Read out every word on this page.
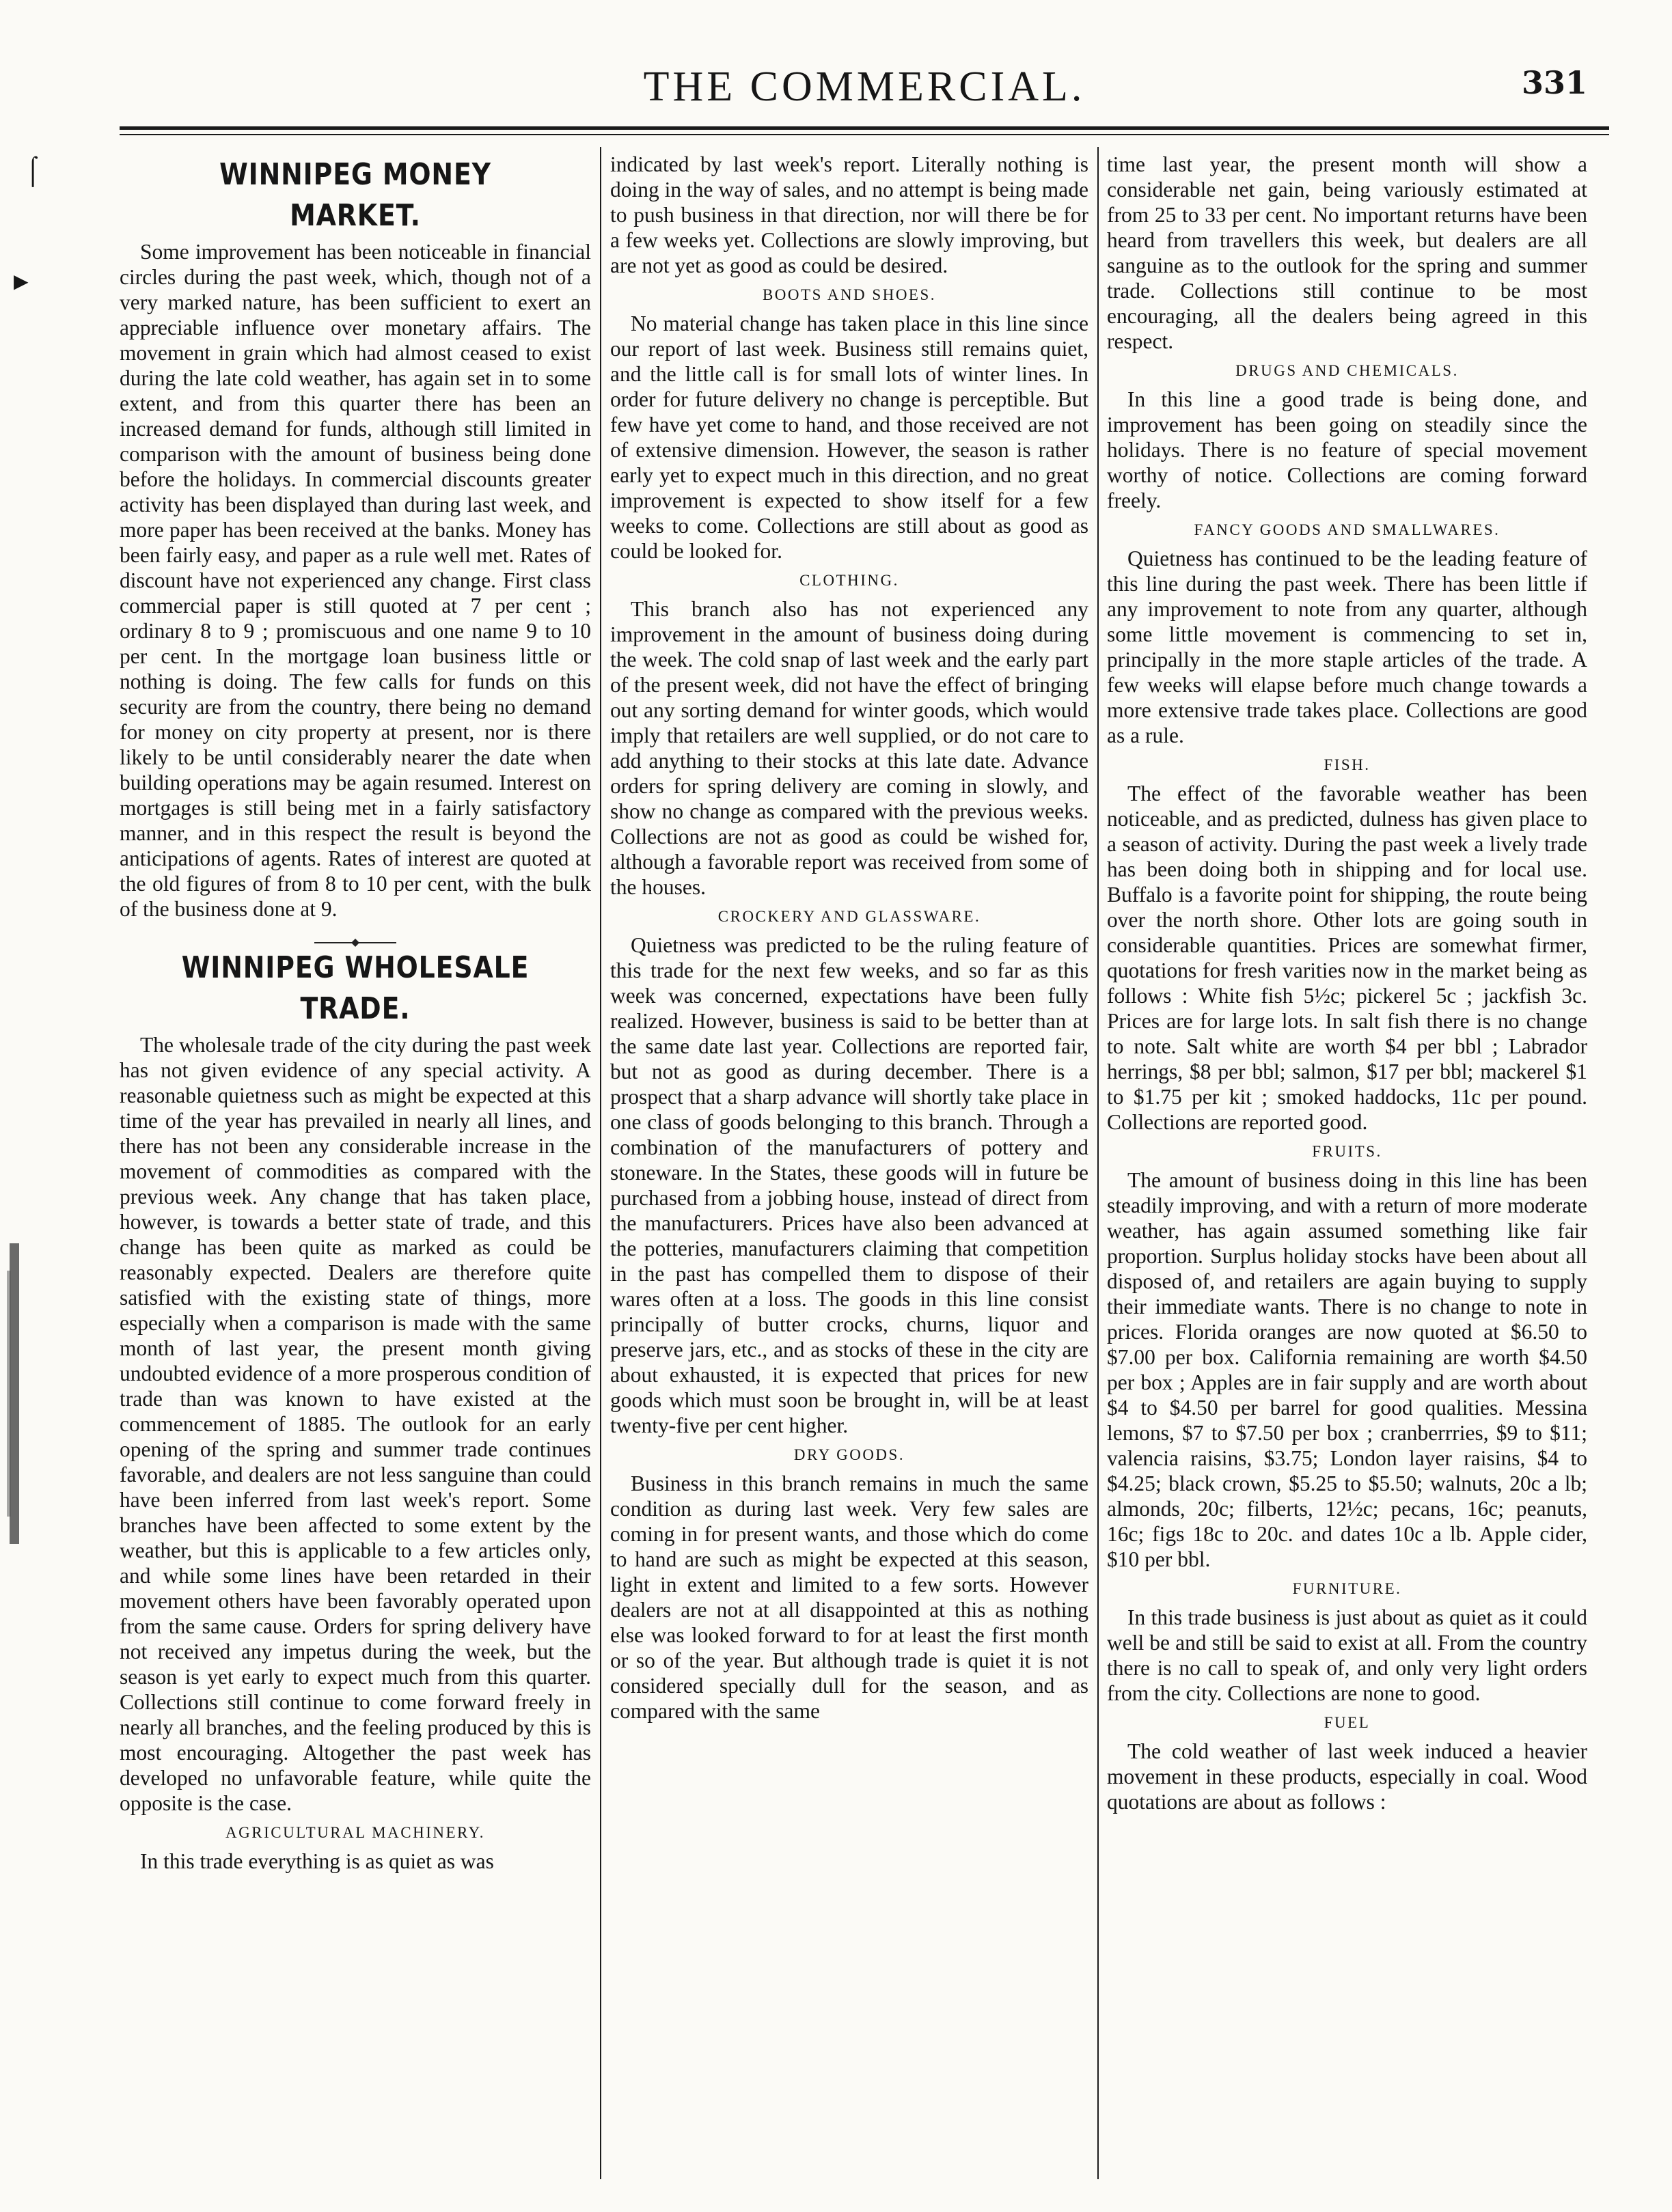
THE COMMERCIAL.	331
⌠
▶
WINNIPEG MONEY MARKET.

Some improvement has been noticeable in financial circles during the past week, which, though not of a very marked nature, has been sufficient to exert an appreciable influence over monetary affairs. The movement in grain which had almost ceased to exist during the late cold weather, has again set in to some extent, and from this quarter there has been an increased demand for funds, although still limited in comparison with the amount of business being done before the holidays. In commercial discounts greater activity has been displayed than during last week, and more paper has been received at the banks. Money has been fairly easy, and paper as a rule well met. Rates of discount have not experienced any change. First class commercial paper is still quoted at 7 per cent ; ordinary 8 to 9 ; promiscuous and one name 9 to 10 per cent. In the mortgage loan business little or nothing is doing. The few calls for funds on this security are from the country, there being no demand for money on city property at present, nor is there likely to be until considerably nearer the date when building operations may be again resumed. Interest on mortgages is still being met in a fairly satisfactory manner, and in this respect the result is beyond the anticipations of agents. Rates of interest are quoted at the old figures of from 8 to 10 per cent, with the bulk of the business done at 9.

WINNIPEG WHOLESALE TRADE.

The wholesale trade of the city during the past week has not given evidence of any special activity. A reasonable quietness such as might be expected at this time of the year has prevailed in nearly all lines, and there has not been any considerable increase in the movement of commodities as compared with the previous week. Any change that has taken place, however, is towards a better state of trade, and this change has been quite as marked as could be reasonably expected. Dealers are therefore quite satisfied with the existing state of things, more especially when a comparison is made with the same month of last year, the present month giving undoubted evidence of a more prosperous condition of trade than was known to have existed at the commencement of 1885. The outlook for an early opening of the spring and summer trade continues favorable, and dealers are not less sanguine than could have been inferred from last week's report. Some branches have been affected to some extent by the weather, but this is applicable to a few articles only, and while some lines have been retarded in their movement others have been favorably operated upon from the same cause. Orders for spring delivery have not received any impetus during the week, but the season is yet early to expect much from this quarter. Collections still continue to come forward freely in nearly all branches, and the feeling produced by this is most encouraging. Altogether the past week has developed no unfavorable feature, while quite the opposite is the case.

AGRICULTURAL MACHINERY.

In this trade everything is as quiet as was

indicated by last week's report. Literally nothing is doing in the way of sales, and no attempt is being made to push business in that direction, nor will there be for a few weeks yet. Collections are slowly improving, but are not yet as good as could be desired.

BOOTS AND SHOES.

No material change has taken place in this line since our report of last week. Business still remains quiet, and the little call is for small lots of winter lines. In order for future delivery no change is perceptible. But few have yet come to hand, and those received are not of extensive dimension. However, the season is rather early yet to expect much in this direction, and no great improvement is expected to show itself for a few weeks to come. Collections are still about as good as could be looked for.

CLOTHING.

This branch also has not experienced any improvement in the amount of business doing during the week. The cold snap of last week and the early part of the present week, did not have the effect of bringing out any sorting demand for winter goods, which would imply that retailers are well supplied, or do not care to add anything to their stocks at this late date. Advance orders for spring delivery are coming in slowly, and show no change as compared with the previous weeks. Collections are not as good as could be wished for, although a favorable report was received from some of the houses.

CROCKERY AND GLASSWARE.

Quietness was predicted to be the ruling feature of this trade for the next few weeks, and so far as this week was concerned, expectations have been fully realized. However, business is said to be better than at the same date last year. Collections are reported fair, but not as good as during december. There is a prospect that a sharp advance will shortly take place in one class of goods belonging to this branch. Through a combination of the manufacturers of pottery and stoneware. In the States, these goods will in future be purchased from a jobbing house, instead of direct from the manufacturers. Prices have also been advanced at the potteries, manufacturers claiming that competition in the past has compelled them to dispose of their wares often at a loss. The goods in this line consist principally of butter crocks, churns, liquor and preserve jars, etc., and as stocks of these in the city are about exhausted, it is expected that prices for new goods which must soon be brought in, will be at least twenty-five per cent higher.

DRY GOODS.

Business in this branch remains in much the same condition as during last week. Very few sales are coming in for present wants, and those which do come to hand are such as might be expected at this season, light in extent and limited to a few sorts. However dealers are not at all disappointed at this as nothing else was looked forward to for at least the first month or so of the year. But although trade is quiet it is not considered specially dull for the season, and as compared with the same

time last year, the present month will show a considerable net gain, being variously estimated at from 25 to 33 per cent. No important returns have been heard from travellers this week, but dealers are all sanguine as to the outlook for the spring and summer trade. Collections still continue to be most encouraging, all the dealers being agreed in this respect.

DRUGS AND CHEMICALS.

In this line a good trade is being done, and improvement has been going on steadily since the holidays. There is no feature of special movement worthy of notice. Collections are coming forward freely.

FANCY GOODS AND SMALLWARES.

Quietness has continued to be the leading feature of this line during the past week. There has been little if any improvement to note from any quarter, although some little movement is commencing to set in, principally in the more staple articles of the trade. A few weeks will elapse before much change towards a more extensive trade takes place. Collections are good as a rule.

FISH.

The effect of the favorable weather has been noticeable, and as predicted, dulness has given place to a season of activity. During the past week a lively trade has been doing both in shipping and for local use. Buffalo is a favorite point for shipping, the route being over the north shore. Other lots are going south in considerable quantities. Prices are somewhat firmer, quotations for fresh varities now in the market being as follows : White fish 5½c; pickerel 5c ; jackfish 3c. Prices are for large lots. In salt fish there is no change to note. Salt white are worth $4 per bbl ; Labrador herrings, $8 per bbl; salmon, $17 per bbl; mackerel $1 to $1.75 per kit ; smoked haddocks, 11c per pound. Collections are reported good.

FRUITS.

The amount of business doing in this line has been steadily improving, and with a return of more moderate weather, has again assumed something like fair proportion. Surplus holiday stocks have been about all disposed of, and retailers are again buying to supply their immediate wants. There is no change to note in prices. Florida oranges are now quoted at $6.50 to $7.00 per box. California remaining are worth $4.50 per box ; Apples are in fair supply and are worth about $4 to $4.50 per barrel for good qualities. Messina lemons, $7 to $7.50 per box ; cranberrries, $9 to $11; valencia raisins, $3.75; London layer raisins, $4 to $4.25; black crown, $5.25 to $5.50; walnuts, 20c a lb; almonds, 20c; filberts, 12½c; pecans, 16c; peanuts, 16c; figs 18c to 20c. and dates 10c a lb. Apple cider, $10 per bbl.

FURNITURE.

In this trade business is just about as quiet as it could well be and still be said to exist at all. From the country there is no call to speak of, and only very light orders from the city. Collections are none to good.

FUEL

The cold weather of last week induced a heavier movement in these products, especially in coal. Wood quotations are about as follows :
